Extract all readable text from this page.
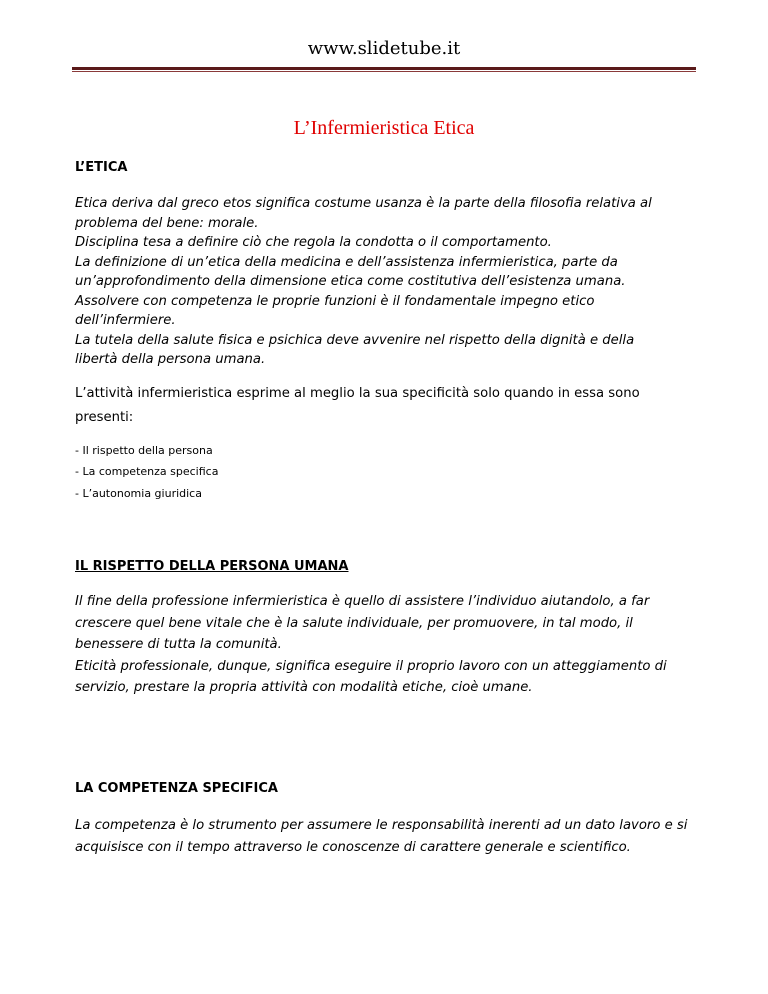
www.slidetube.it
L’Infermieristica Etica

L’ETICA

Etica deriva dal greco etos significa costume usanza è la parte della filosofia relativa al

problema del bene: morale.

Disciplina tesa a definire ciò che regola la condotta o il comportamento.

La definizione di un’etica della medicina e dell’assistenza infermieristica, parte da

un’approfondimento della dimensione etica come costitutiva dell’esistenza umana.

Assolvere con competenza le proprie funzioni è il fondamentale impegno etico

dell’infermiere.

La tutela della salute fisica e psichica deve avvenire nel rispetto della dignità e della

libertà della persona umana.

L’attività infermieristica esprime al meglio la sua specificità solo quando in essa sono

presenti:

- Il rispetto della persona

- La competenza specifica

- L’autonomia giuridica

IL RISPETTO DELLA PERSONA UMANA

Il fine della professione infermieristica è quello di assistere l’individuo aiutandolo, a far

crescere quel bene vitale che è la salute individuale, per promuovere, in tal modo, il

benessere di tutta la comunità.

Eticità professionale, dunque, significa eseguire il proprio lavoro con un atteggiamento di

servizio, prestare la propria attività con modalità etiche, cioè umane.

LA COMPETENZA SPECIFICA

La competenza è lo strumento per assumere le responsabilità inerenti ad un dato lavoro e si

acquisisce con il tempo attraverso le conoscenze di carattere generale e scientifico.
